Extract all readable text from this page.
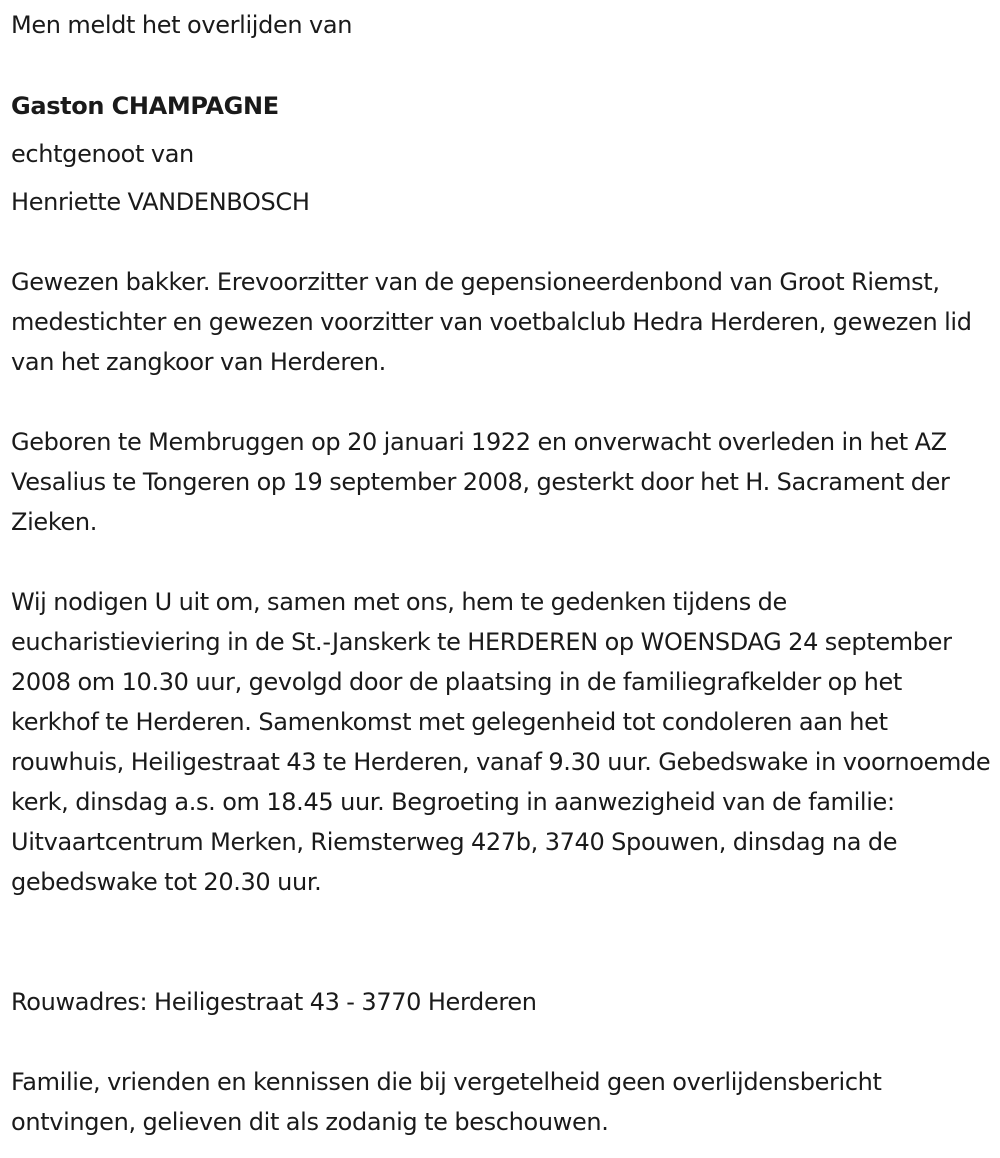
Men meldt het overlijden van

Gaston CHAMPAGNE

echtgenoot van

Henriette VANDENBOSCH

Gewezen bakker. Erevoorzitter van de gepensioneerdenbond van Groot Riemst, medestichter en gewezen voorzitter van voetbalclub Hedra Herderen, gewezen lid van het zangkoor van Herderen.

Geboren te Membruggen op 20 januari 1922 en onverwacht overleden in het AZ Vesalius te Tongeren op 19 september 2008, gesterkt door het H. Sacrament der Zieken.

Wij nodigen U uit om, samen met ons, hem te gedenken tijdens de eucharistieviering in de St.-Janskerk te HERDEREN op WOENSDAG 24 september 2008 om 10.30 uur, gevolgd door de plaatsing in de familiegrafkelder op het kerkhof te Herderen. Samenkomst met gelegenheid tot condoleren aan het rouwhuis, Heiligestraat 43 te Herderen, vanaf 9.30 uur. Gebedswake in voornoemde kerk, dinsdag a.s. om 18.45 uur. Begroeting in aanwezigheid van de familie: Uitvaartcentrum Merken, Riemsterweg 427b, 3740 Spouwen, dinsdag na de gebedswake tot 20.30 uur.

Rouwadres: Heiligestraat 43 - 3770 Herderen

Familie, vrienden en kennissen die bij vergetelheid geen overlijdensbericht ontvingen, gelieven dit als zodanig te beschouwen.
